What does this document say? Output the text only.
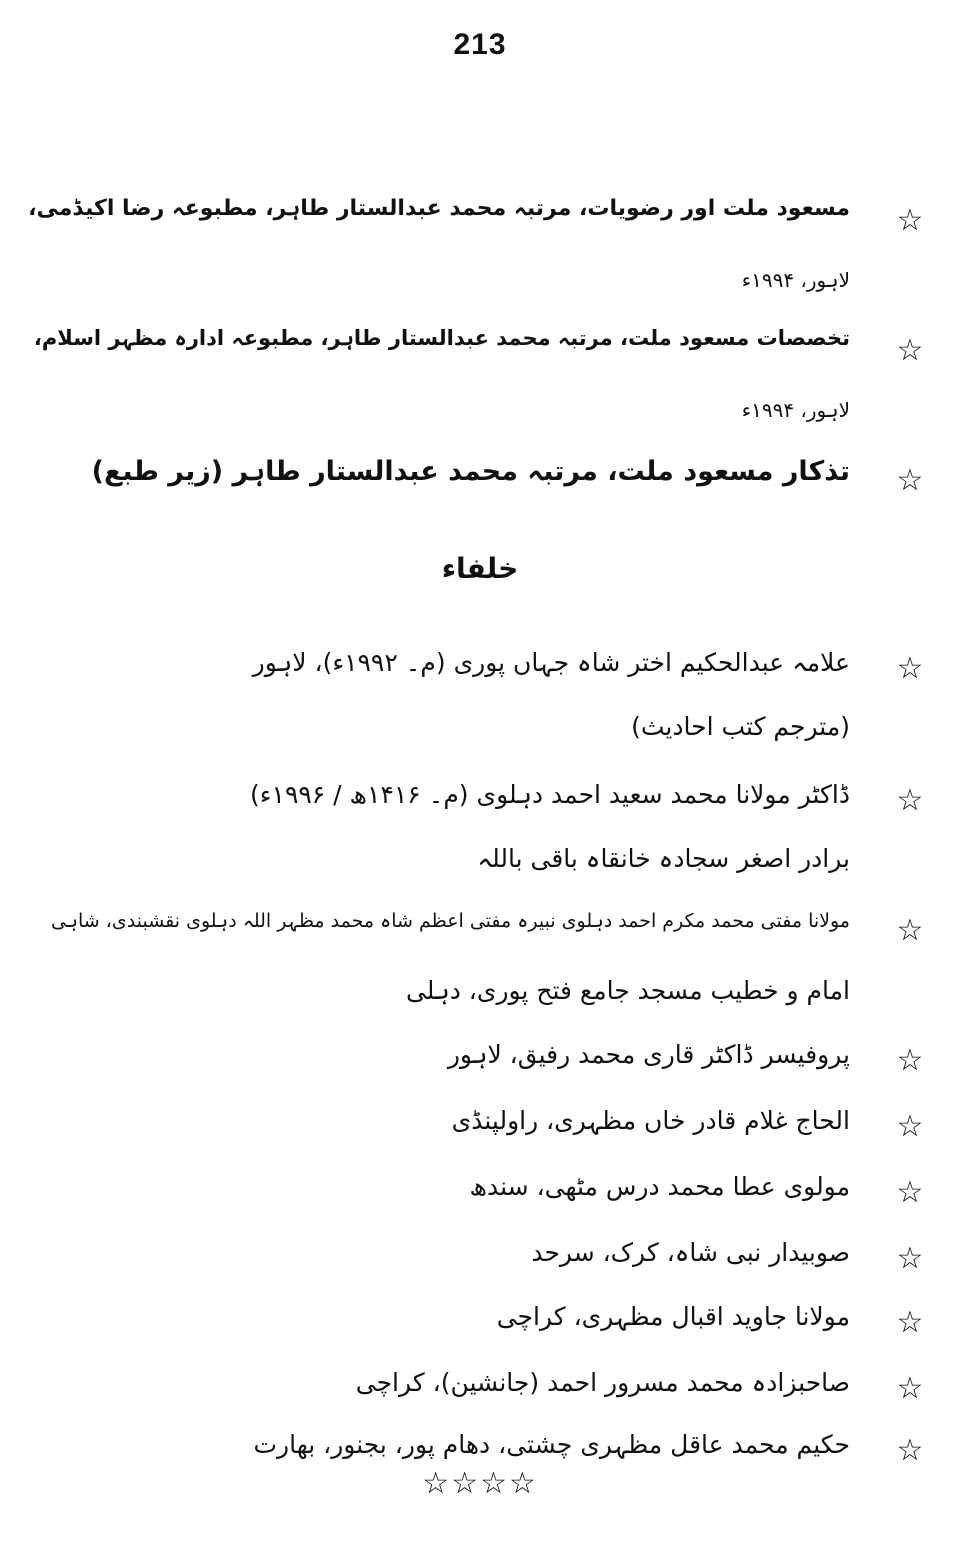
213
☆
مسعود ملت اور رضویات، مرتبہ محمد عبدالستار طاہر، مطبوعہ رضا اکیڈمی،
لاہور، ۱۹۹۴ء
☆
تخصصات مسعود ملت، مرتبہ محمد عبدالستار طاہر، مطبوعہ ادارہ مظہر اسلام،
لاہور، ۱۹۹۴ء
☆
تذکار مسعود ملت، مرتبہ محمد عبدالستار طاہر (زیر طبع)
خلفاء
☆
علامہ عبدالحکیم اختر شاہ جہاں پوری (م۔ ۱۹۹۲ء)، لاہور
(مترجم کتب احادیث)
☆
ڈاکٹر مولانا محمد سعید احمد دہلوی (م۔ ۱۴۱۶ھ / ۱۹۹۶ء)
برادر اصغر سجادہ خانقاہ باقی باللہ
☆
مولانا مفتی محمد مکرم احمد دہلوی نبیرہ مفتی اعظم شاہ محمد مظہر اللہ دہلوی نقشبندی، شاہی
امام و خطیب مسجد جامع فتح پوری، دہلی
☆
پروفیسر ڈاکٹر قاری محمد رفیق، لاہور
☆
الحاج غلام قادر خاں مظہری، راولپنڈی
☆
مولوی عطا محمد درس مٹھی، سندھ
☆
صوبیدار نبی شاہ، کرک، سرحد
☆
مولانا جاوید اقبال مظہری، کراچی
☆
صاحبزادہ محمد مسرور احمد (جانشین)، کراچی
☆
حکیم محمد عاقل مظہری چشتی، دھام پور، بجنور، بھارت
☆☆☆☆
